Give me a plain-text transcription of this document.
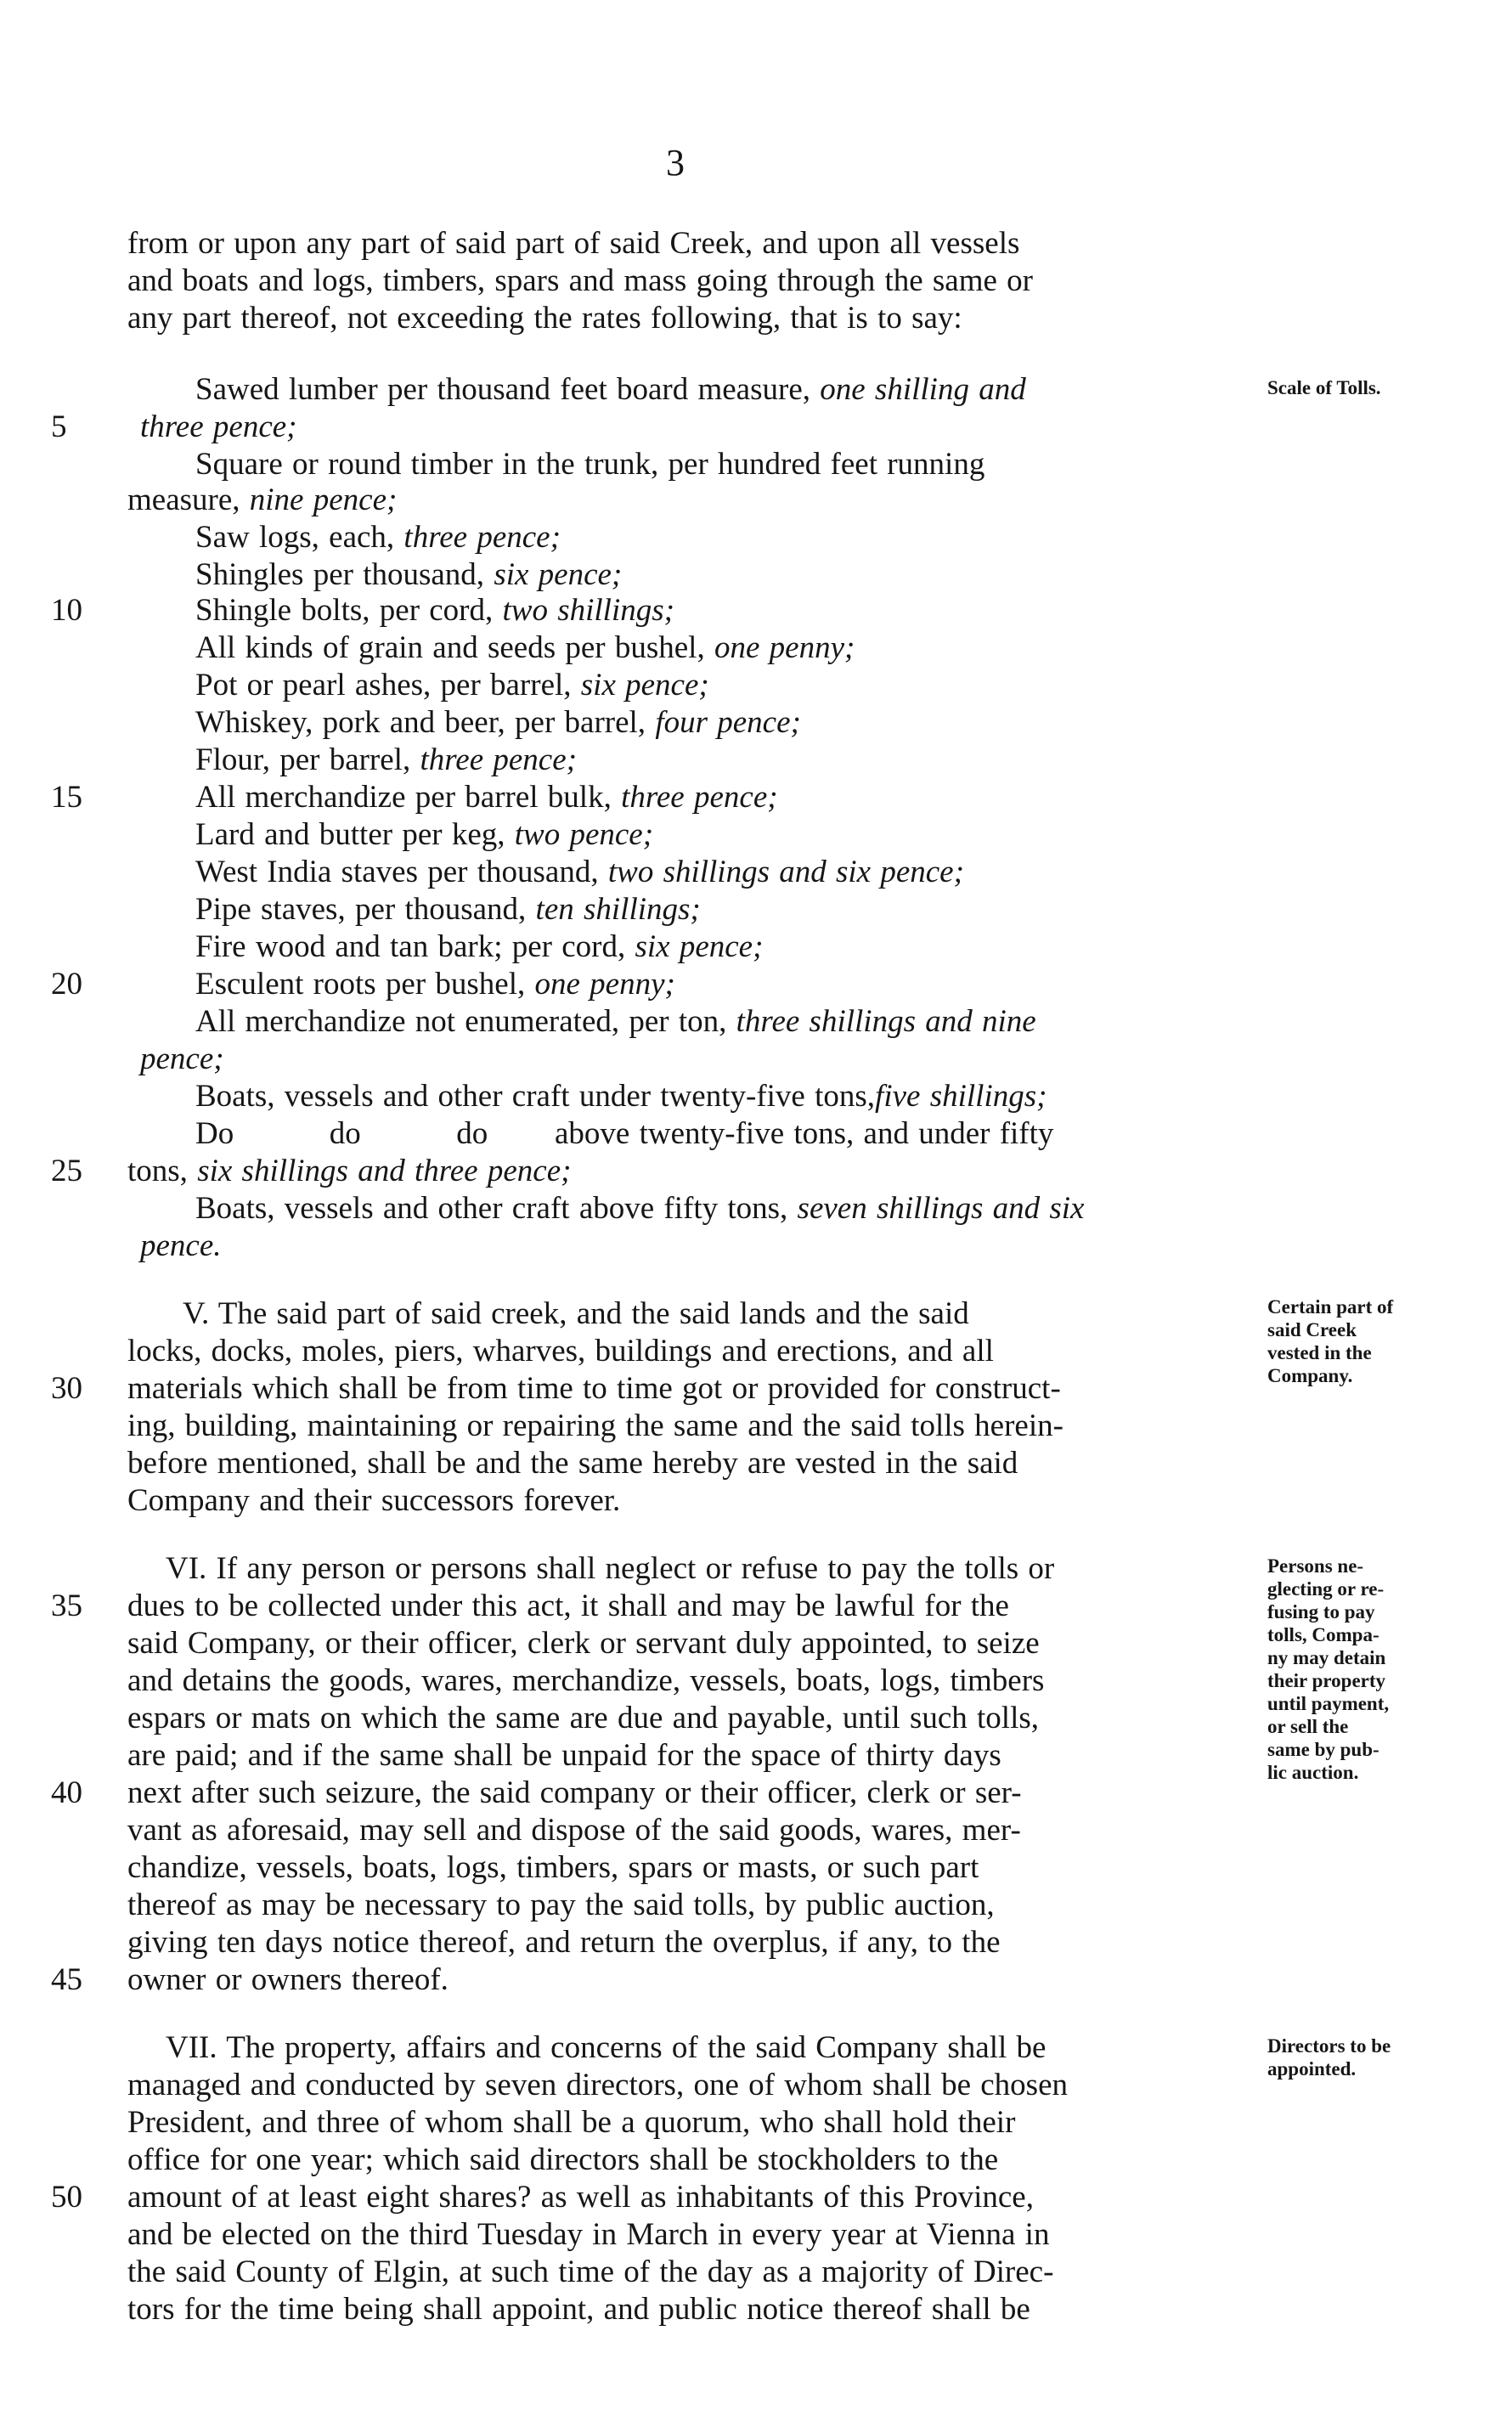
3
from or upon any part of said part of said Creek, and upon all vessels
and boats and logs, timbers, spars and mass going through the same or
any part thereof, not exceeding the rates following, that is to say:
Sawed lumber per thousand feet board measure, one shilling and
5	three pence;
Square or round timber in the trunk, per hundred feet running
measure, nine pence;
Saw logs, each, three pence;
Shingles per thousand, six pence;
10	Shingle bolts, per cord, two shillings;
All kinds of grain and seeds per bushel, one penny;
Pot or pearl ashes, per barrel, six pence;
Whiskey, pork and beer, per barrel, four pence;
Flour, per barrel, three pence;
15	All merchandize per barrel bulk, three pence;
Lard and butter per keg, two pence;
West India staves per thousand, two shillings and six pence;
Pipe staves, per thousand, ten shillings;
Fire wood and tan bark; per cord, six pence;
20	Esculent roots per bushel, one penny;
All merchandize not enumerated, per ton, three shillings and nine
pence;
Boats, vessels and other craft under twenty-five tons,five shillings;
Do          do          do       above twenty-five tons, and under fifty
25	tons, six shillings and three pence;
Boats, vessels and other craft above fifty tons, seven shillings and six
pence.
V. The said part of said creek, and the said lands and the said
locks, docks, moles, piers, wharves, buildings and erections, and all
30	materials which shall be from time to time got or provided for construct-
ing, building, maintaining or repairing the same and the said tolls herein-
before mentioned, shall be and the same hereby are vested in the said
Company and their successors forever.
VI. If any person or persons shall neglect or refuse to pay the tolls or
35	dues to be collected under this act, it shall and may be lawful for the
said Company, or their officer, clerk or servant duly appointed, to seize
and detains the goods, wares, merchandize, vessels, boats, logs, timbers
espars or mats on which the same are due and payable, until such tolls,
are paid; and if the same shall be unpaid for the space of thirty days
40	next after such seizure, the said company or their officer, clerk or ser-
vant as aforesaid, may sell and dispose of the said goods, wares, mer-
chandize, vessels, boats, logs, timbers, spars or masts, or such part
thereof as may be necessary to pay the said tolls, by public auction,
giving ten days notice thereof, and return the overplus, if any, to the
45	owner or owners thereof.
VII. The property, affairs and concerns of the said Company shall be
managed and conducted by seven directors, one of whom shall be chosen
President, and three of whom shall be a quorum, who shall hold their
office for one year; which said directors shall be stockholders to the
50	amount of at least eight shares? as well as inhabitants of this Province,
and be elected on the third Tuesday in March in every year at Vienna in
the said County of Elgin, at such time of the day as a majority of Direc-
tors for the time being shall appoint, and public notice thereof shall be
Scale of Tolls.
Certain part of
said Creek
vested in the
Company.
Persons ne-
glecting or re-
fusing to pay
tolls, Compa-
ny may detain
their property
until payment,
or sell the
same by pub-
lic auction.
Directors to be
appointed.
